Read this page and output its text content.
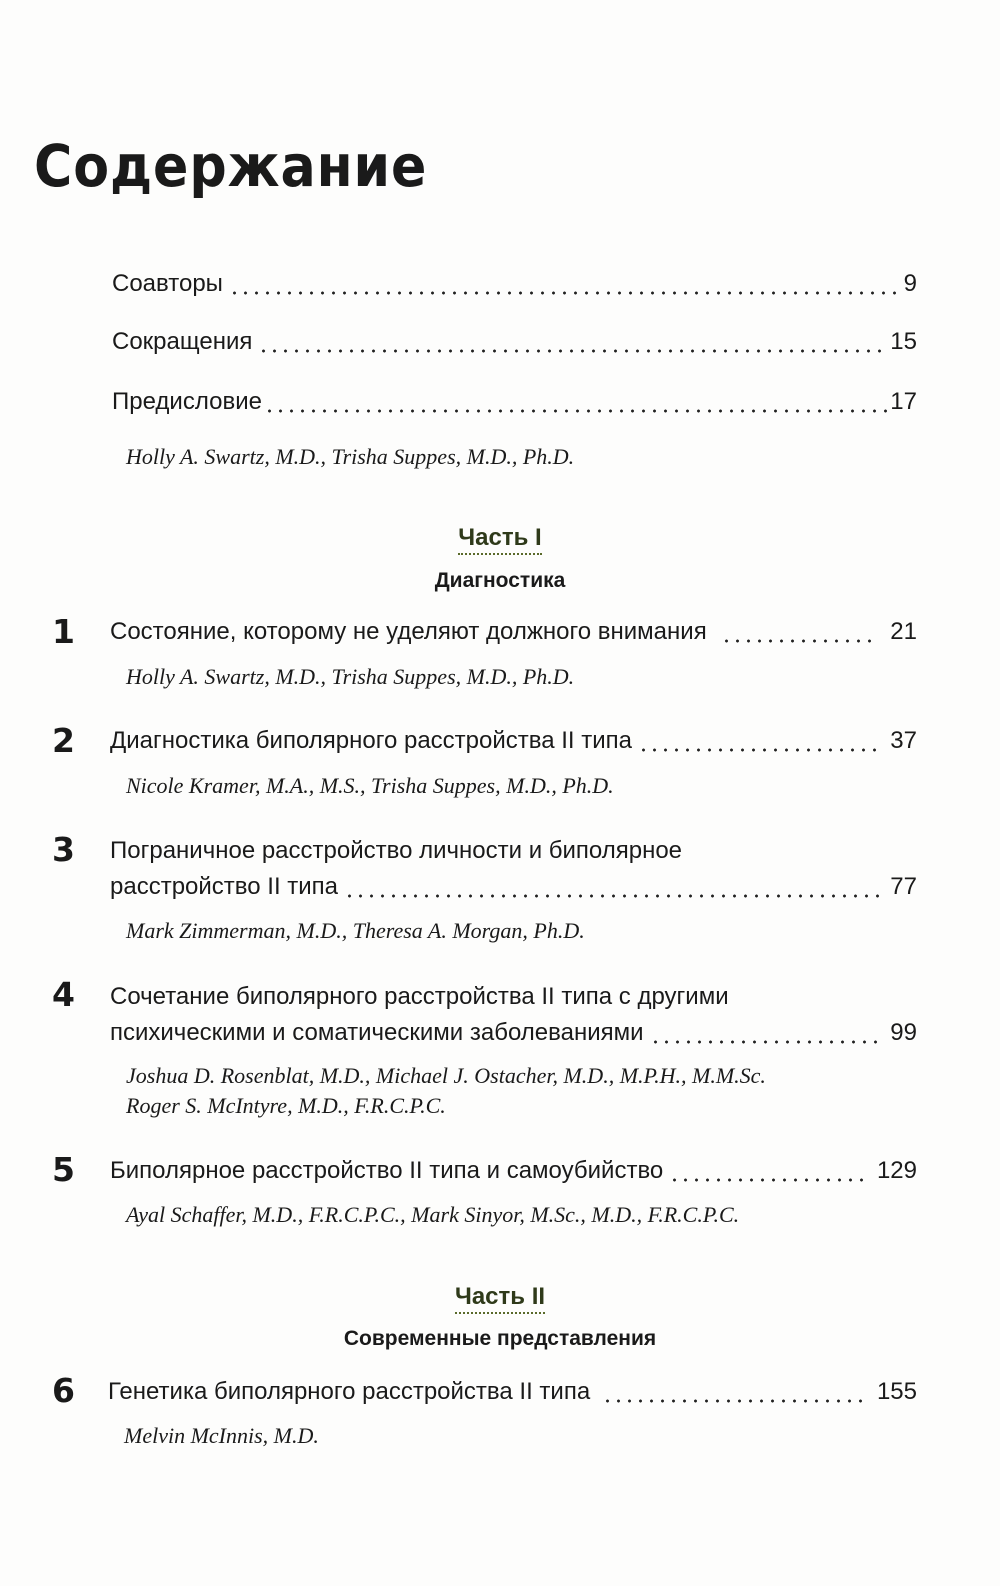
Содержание
Соавторы	9
Сокращения	15
Предисловие	17
Holly A. Swartz, M.D., Trisha Suppes, M.D., Ph.D.
Часть I
Диагностика
1 Состояние, которому не уделяют должного внимания	21
Holly A. Swartz, M.D., Trisha Suppes, M.D., Ph.D.
2 Диагностика биполярного расстройства II типа	37
Nicole Kramer, M.A., M.S., Trisha Suppes, M.D., Ph.D.
3 Пограничное расстройство личности и биполярное
расстройство II типа	77
Mark Zimmerman, M.D., Theresa A. Morgan, Ph.D.
4 Сочетание биполярного расстройства II типа с другими
психическими и соматическими заболеваниями	99
Joshua D. Rosenblat, M.D., Michael J. Ostacher, M.D., M.P.H., M.M.Sc.
Roger S. McIntyre, M.D., F.R.C.P.C.
5 Биполярное расстройство II типа и самоубийство	129
Ayal Schaffer, M.D., F.R.C.P.C., Mark Sinyor, M.Sc., M.D., F.R.C.P.C.
Часть II
Современные представления
6 Генетика биполярного расстройства II типа	155
Melvin McInnis, M.D.
